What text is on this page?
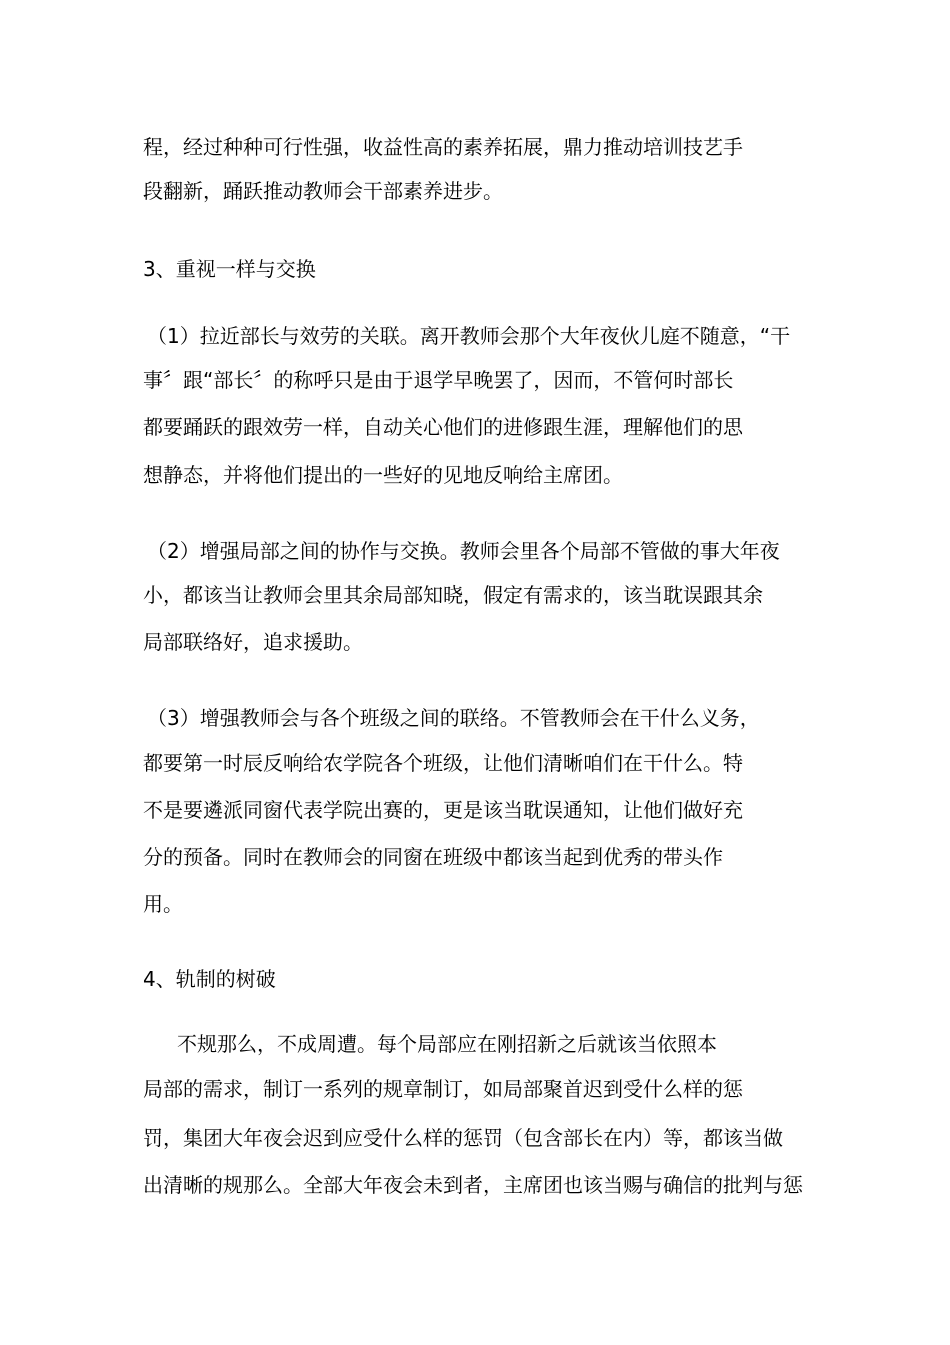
程，经过种种可行性强，收益性高的素养拓展，鼎力推动培训技艺手
段翻新，踊跃推动教师会干部素养进步。
3、重视一样与交换
（1）拉近部长与效劳的关联。离开教师会那个大年夜伙儿庭不随意，“干
事〞跟“部长〞的称呼只是由于退学早晚罢了，因而，不管何时部长
都要踊跃的跟效劳一样，自动关心他们的进修跟生涯，理解他们的思
想静态，并将他们提出的一些好的见地反响给主席团。
（2）增强局部之间的协作与交换。教师会里各个局部不管做的事大年夜
小，都该当让教师会里其余局部知晓，假定有需求的，该当耽误跟其余
局部联络好，追求援助。
（3）增强教师会与各个班级之间的联络。不管教师会在干什么义务，
都要第一时辰反响给农学院各个班级，让他们清晰咱们在干什么。特
不是要遴派同窗代表学院出赛的，更是该当耽误通知，让他们做好充
分的预备。同时在教师会的同窗在班级中都该当起到优秀的带头作
用。
4、轨制的树破
不规那么，不成周遭。每个局部应在刚招新之后就该当依照本
局部的需求，制订一系列的规章制订，如局部聚首迟到受什么样的惩
罚，集团大年夜会迟到应受什么样的惩罚（包含部长在内）等，都该当做
出清晰的规那么。全部大年夜会未到者，主席团也该当赐与确信的批判与惩
